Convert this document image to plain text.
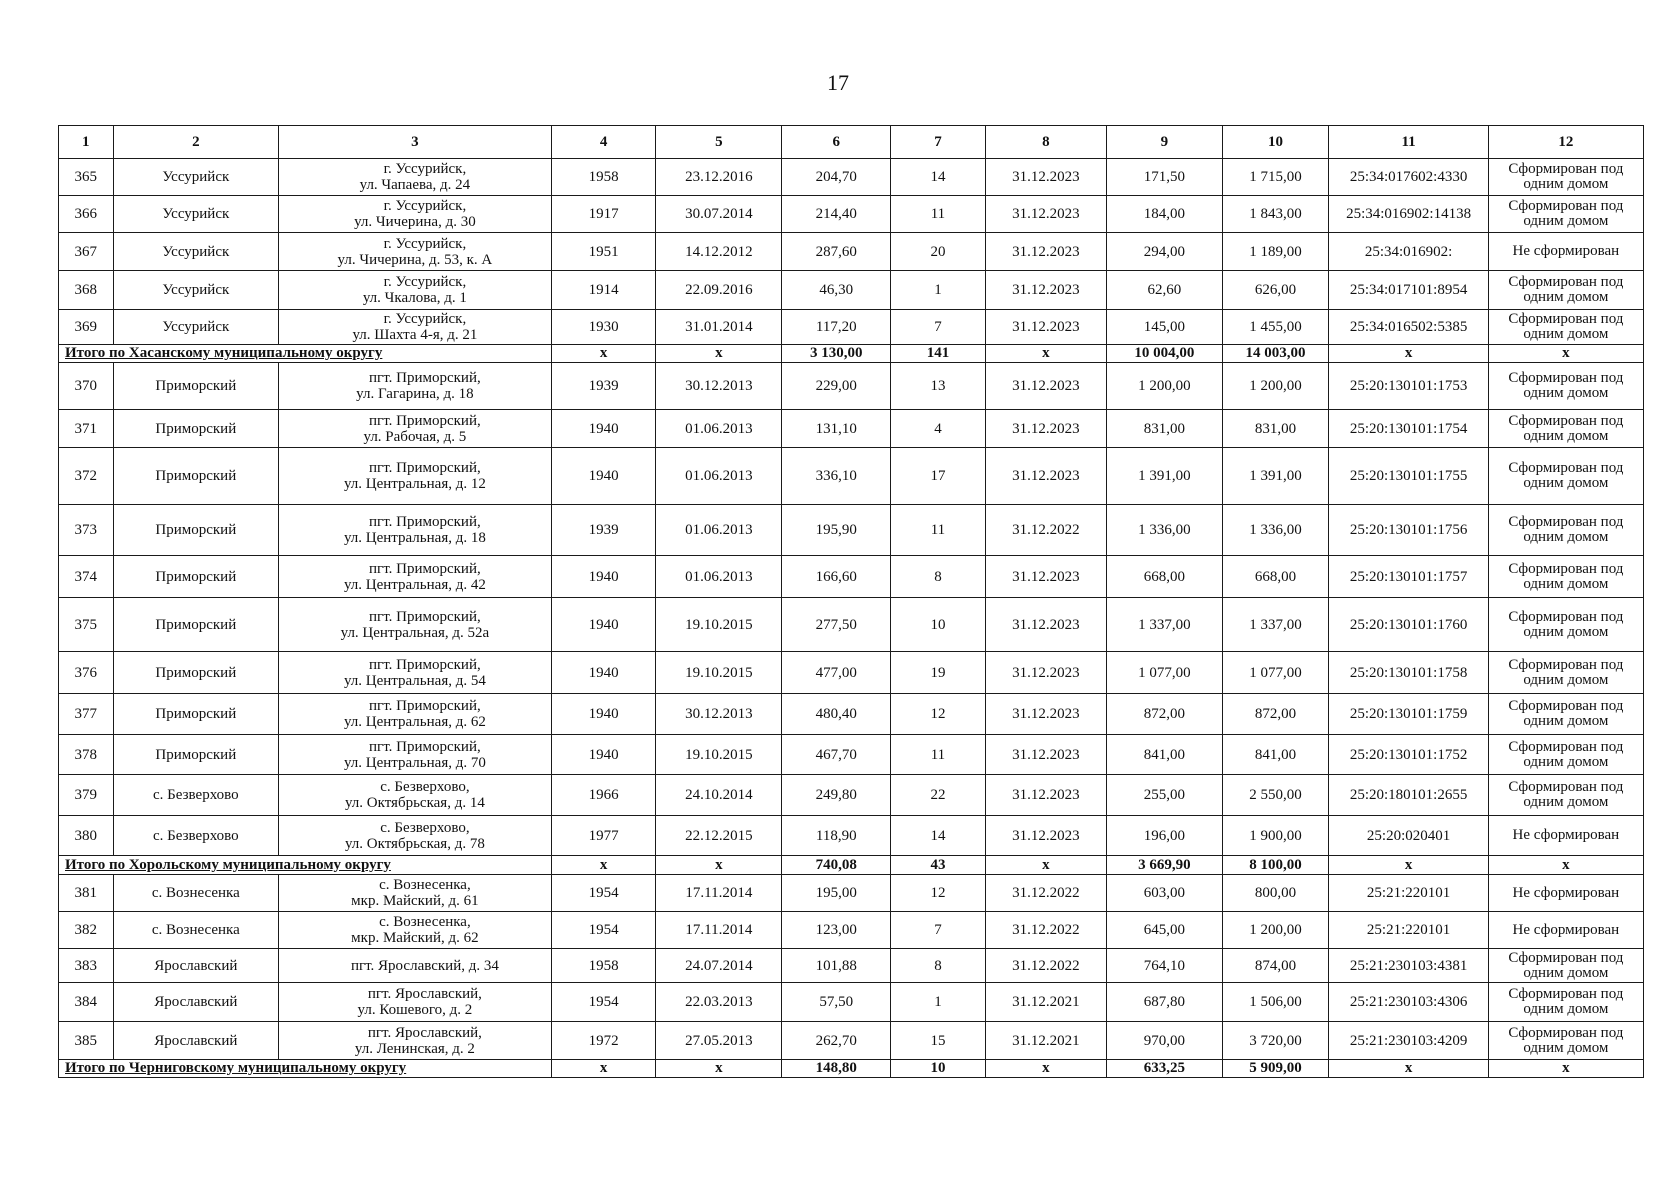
17
1	2	3	4	5	6	7	8	9	10	11	12
365	Уссурийск	г. Уссурийск,
ул. Чапаева, д. 24	1958	23.12.2016	204,70	14	31.12.2023	171,50	1 715,00	25:34:017602:4330	Сформирован под одним домом
366	Уссурийск	г. Уссурийск,
ул. Чичерина, д. 30	1917	30.07.2014	214,40	11	31.12.2023	184,00	1 843,00	25:34:016902:14138	Сформирован под одним домом
367	Уссурийск	г. Уссурийск,
ул. Чичерина, д. 53, к. А	1951	14.12.2012	287,60	20	31.12.2023	294,00	1 189,00	25:34:016902:	Не сформирован
368	Уссурийск	г. Уссурийск,
ул. Чкалова, д. 1	1914	22.09.2016	46,30	1	31.12.2023	62,60	626,00	25:34:017101:8954	Сформирован под одним домом
369	Уссурийск	г. Уссурийск,
ул. Шахта 4-я, д. 21	1930	31.01.2014	117,20	7	31.12.2023	145,00	1 455,00	25:34:016502:5385	Сформирован под одним домом
Итого по Хасанскому муниципальному округу			х	х	3 130,00	141	х	10 004,00	14 003,00	х	х
370	Приморский	пгт. Приморский,
ул. Гагарина, д. 18	1939	30.12.2013	229,00	13	31.12.2023	1 200,00	1 200,00	25:20:130101:1753	Сформирован под одним домом
371	Приморский	пгт. Приморский,
ул. Рабочая, д. 5	1940	01.06.2013	131,10	4	31.12.2023	831,00	831,00	25:20:130101:1754	Сформирован под одним домом
372	Приморский	пгт. Приморский,
ул. Центральная, д. 12	1940	01.06.2013	336,10	17	31.12.2023	1 391,00	1 391,00	25:20:130101:1755	Сформирован под одним домом
373	Приморский	пгт. Приморский,
ул. Центральная, д. 18	1939	01.06.2013	195,90	11	31.12.2022	1 336,00	1 336,00	25:20:130101:1756	Сформирован под одним домом
374	Приморский	пгт. Приморский,
ул. Центральная, д. 42	1940	01.06.2013	166,60	8	31.12.2023	668,00	668,00	25:20:130101:1757	Сформирован под одним домом
375	Приморский	пгт. Приморский,
ул. Центральная, д. 52а	1940	19.10.2015	277,50	10	31.12.2023	1 337,00	1 337,00	25:20:130101:1760	Сформирован под одним домом
376	Приморский	пгт. Приморский,
ул. Центральная, д. 54	1940	19.10.2015	477,00	19	31.12.2023	1 077,00	1 077,00	25:20:130101:1758	Сформирован под одним домом
377	Приморский	пгт. Приморский,
ул. Центральная, д. 62	1940	30.12.2013	480,40	12	31.12.2023	872,00	872,00	25:20:130101:1759	Сформирован под одним домом
378	Приморский	пгт. Приморский,
ул. Центральная, д. 70	1940	19.10.2015	467,70	11	31.12.2023	841,00	841,00	25:20:130101:1752	Сформирован под одним домом
379	с. Безверхово	с. Безверхово,
ул. Октябрьская, д. 14	1966	24.10.2014	249,80	22	31.12.2023	255,00	2 550,00	25:20:180101:2655	Сформирован под одним домом
380	с. Безверхово	с. Безверхово,
ул. Октябрьская, д. 78	1977	22.12.2015	118,90	14	31.12.2023	196,00	1 900,00	25:20:020401	Не сформирован
Итого по Хорольскому муниципальному округу			х	х	740,08	43	х	3 669,90	8 100,00	х	х
381	с. Вознесенка	с. Вознесенка,
мкр. Майский, д. 61	1954	17.11.2014	195,00	12	31.12.2022	603,00	800,00	25:21:220101	Не сформирован
382	с. Вознесенка	с. Вознесенка,
мкр. Майский, д. 62	1954	17.11.2014	123,00	7	31.12.2022	645,00	1 200,00	25:21:220101	Не сформирован
383	Ярославский	пгт. Ярославский, д. 34	1958	24.07.2014	101,88	8	31.12.2022	764,10	874,00	25:21:230103:4381	Сформирован под одним домом
384	Ярославский	пгт. Ярославский,
ул. Кошевого, д. 2	1954	22.03.2013	57,50	1	31.12.2021	687,80	1 506,00	25:21:230103:4306	Сформирован под одним домом
385	Ярославский	пгт. Ярославский,
ул. Ленинская, д. 2	1972	27.05.2013	262,70	15	31.12.2021	970,00	3 720,00	25:21:230103:4209	Сформирован под одним домом
Итого по Черниговскому муниципальному округу			х	х	148,80	10	х	633,25	5 909,00	х	х
